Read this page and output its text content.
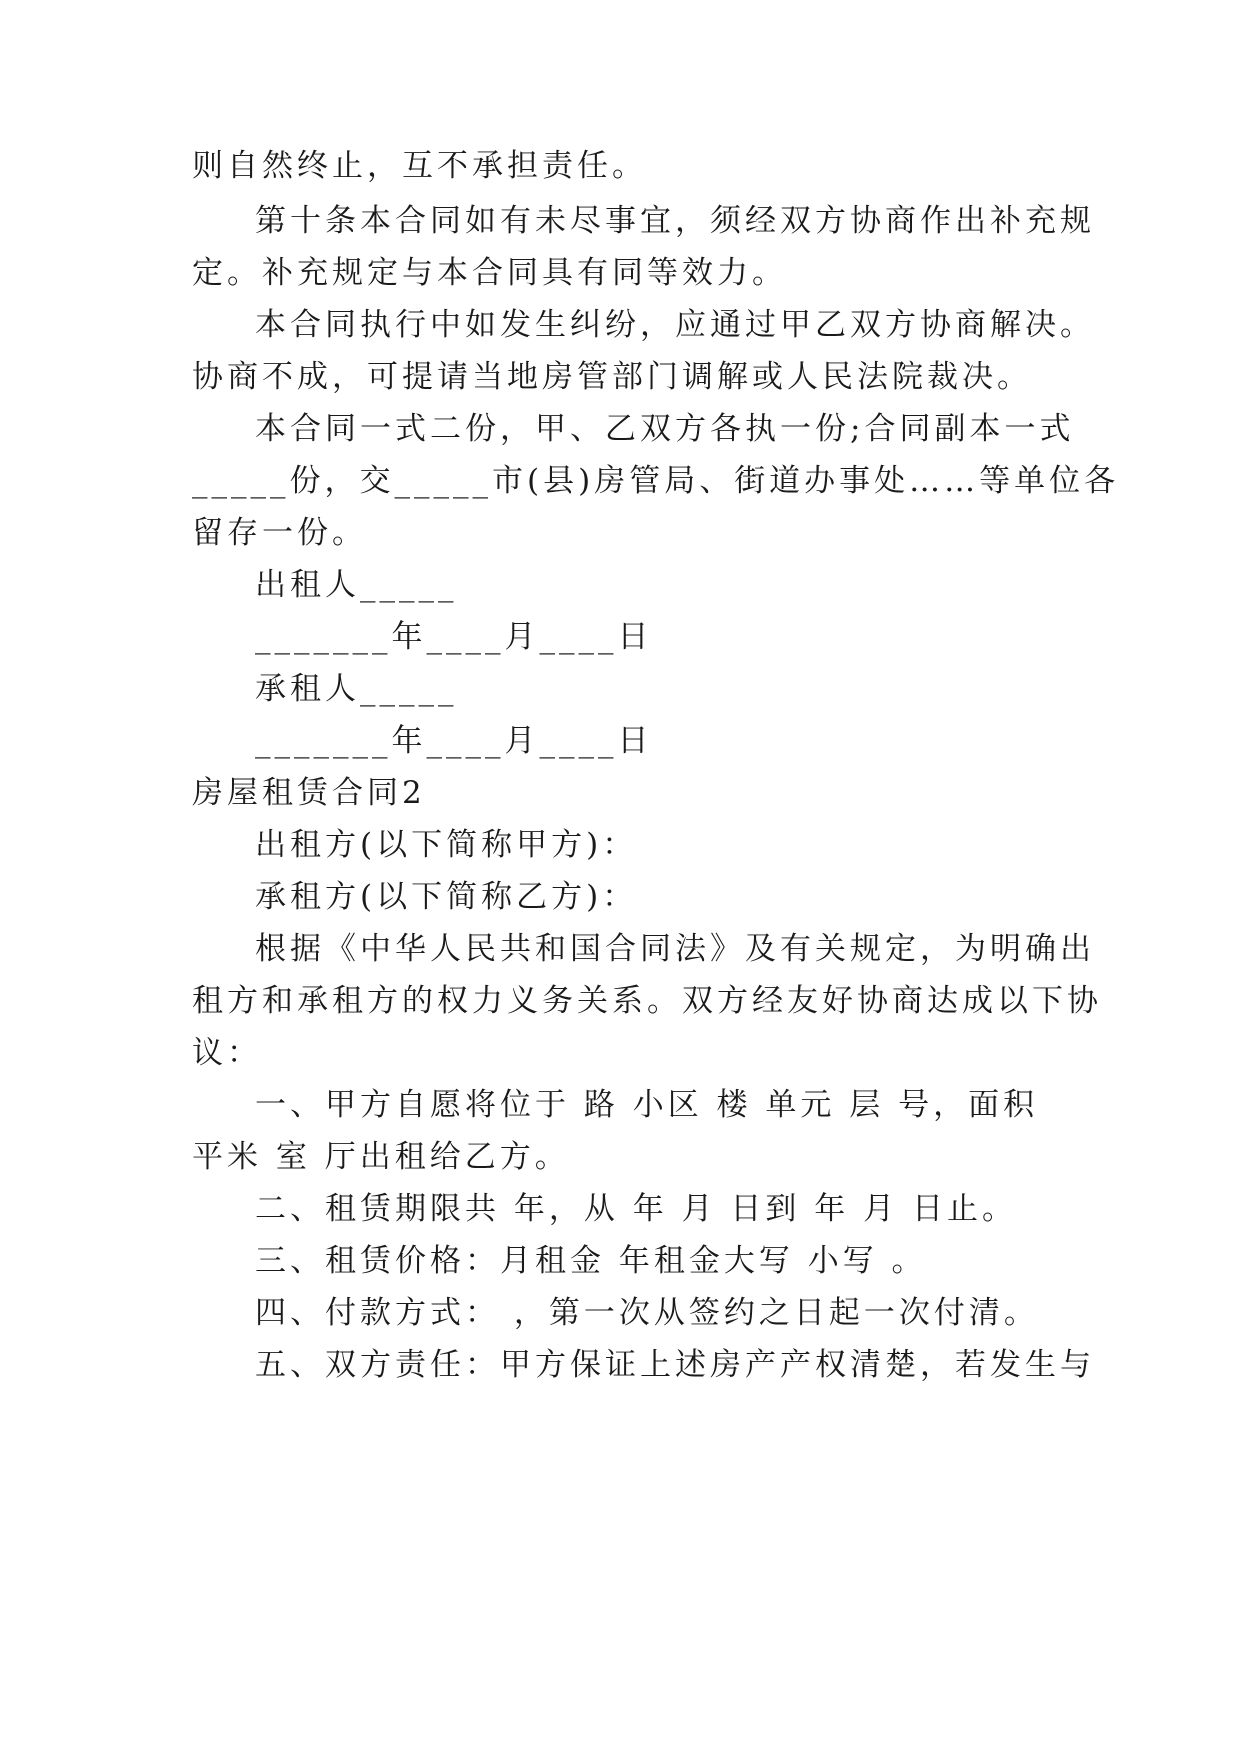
则自然终止，互不承担责任。
第十条本合同如有未尽事宜，须经双方协商作出补充规
定。补充规定与本合同具有同等效力。
本合同执行中如发生纠纷，应通过甲乙双方协商解决。
协商不成，可提请当地房管部门调解或人民法院裁决。
本合同一式二份，甲、乙双方各执一份;合同副本一式
_____份，交_____市(县)房管局、街道办事处……等单位各
留存一份。
出租人_____
_______年____月____日
承租人_____
_______年____月____日
房屋租赁合同2
出租方(以下简称甲方)：
承租方(以下简称乙方)：
根据《中华人民共和国合同法》及有关规定，为明确出
租方和承租方的权力义务关系。双方经友好协商达成以下协
议：
一、甲方自愿将位于 路 小区 楼 单元 层 号，面积
平米 室 厅出租给乙方。
二、租赁期限共 年，从 年 月 日到 年 月 日止。
三、租赁价格：月租金 年租金大写 小写 。
四、付款方式： ，第一次从签约之日起一次付清。
五、双方责任：甲方保证上述房产产权清楚，若发生与
